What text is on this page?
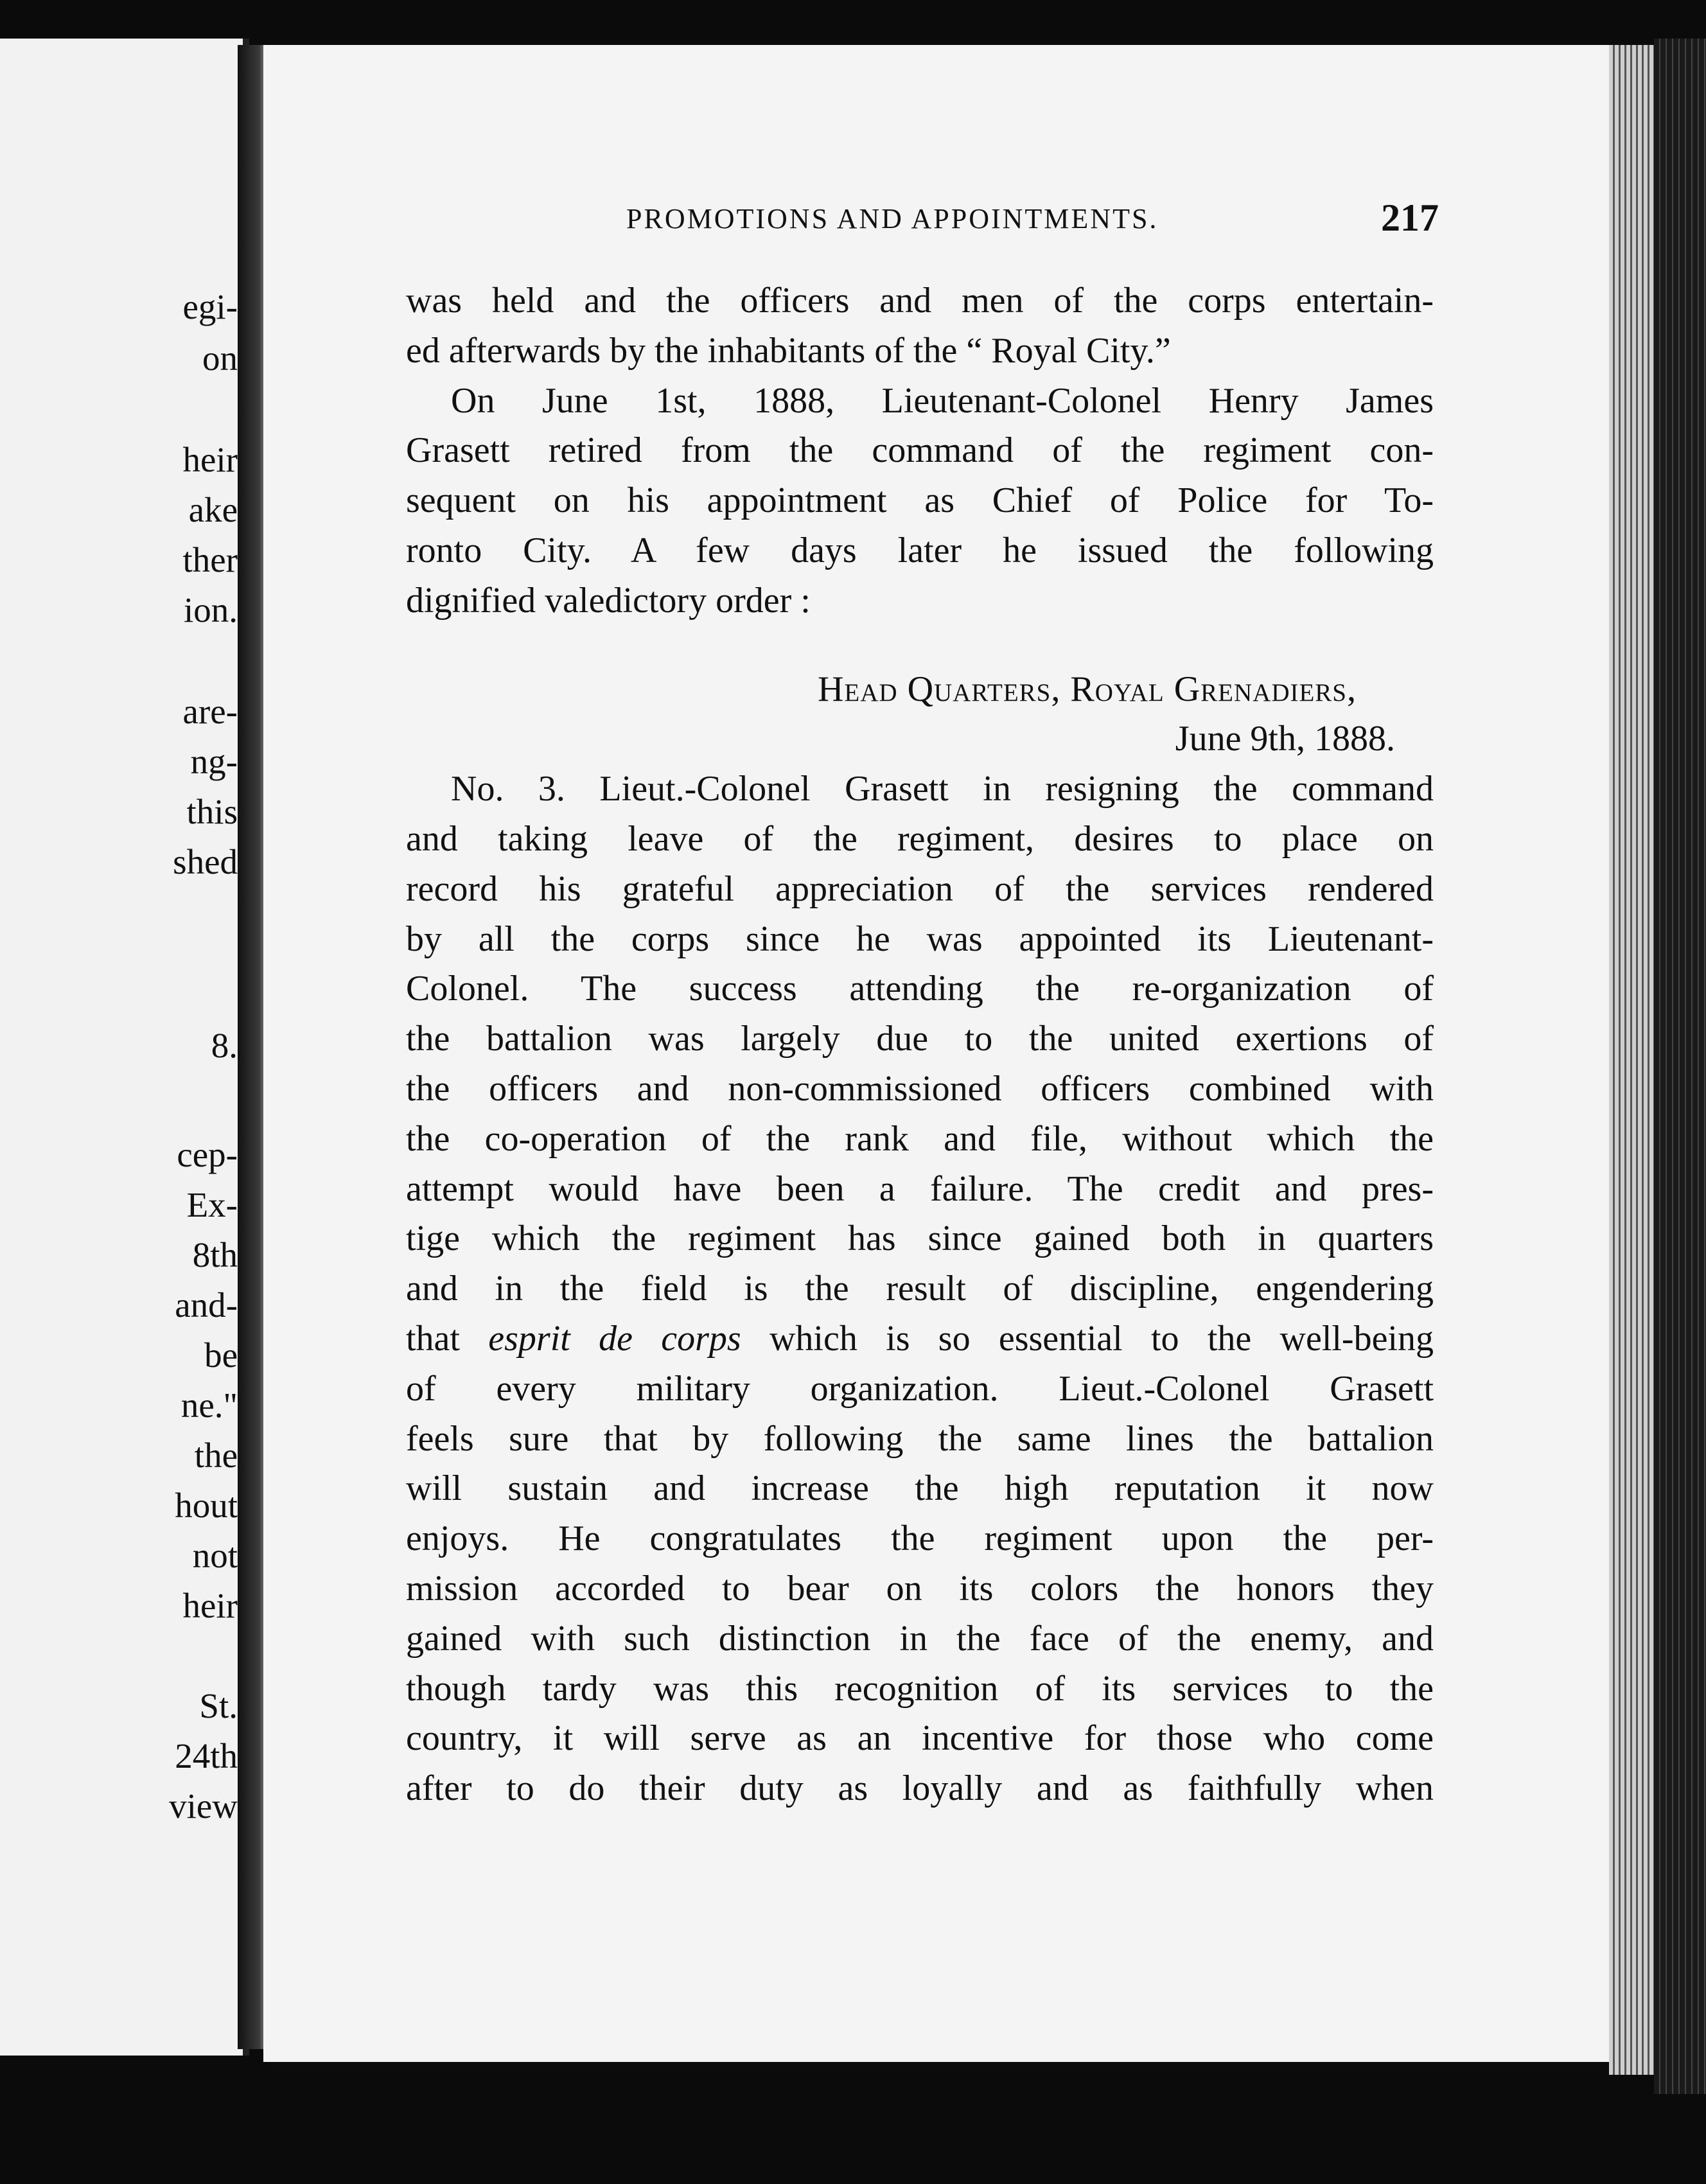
egi-
on
heir
ake
ther
ion.
are-
ng-
this
shed
8.
cep-
Ex-
8th
and-
be
ne."
the
hout
not
heir
St.
24th
view
PROMOTIONS AND APPOINTMENTS.	217
was held and the officers and men of the corps entertain-
ed afterwards by the inhabitants of the “ Royal City.”
On June 1st, 1888, Lieutenant-Colonel Henry James
Grasett retired from the command of the regiment con-
sequent on his appointment as Chief of Police for To-
ronto City. A few days later he issued the following
dignified valedictory order :
Head Quarters, Royal Grenadiers,
June 9th, 1888.
No. 3. Lieut.-Colonel Grasett in resigning the command
and taking leave of the regiment, desires to place on
record his grateful appreciation of the services rendered
by all the corps since he was appointed its Lieutenant-
Colonel. The success attending the re-organization of
the battalion was largely due to the united exertions of
the officers and non-commissioned officers combined with
the co-operation of the rank and file, without which the
attempt would have been a failure. The credit and pres-
tige which the regiment has since gained both in quarters
and in the field is the result of discipline, engendering
that esprit de corps which is so essential to the well-being
of every military organization. Lieut.-Colonel Grasett
feels sure that by following the same lines the battalion
will sustain and increase the high reputation it now
enjoys. He congratulates the regiment upon the per-
mission accorded to bear on its colors the honors they
gained with such distinction in the face of the enemy, and
though tardy was this recognition of its services to the
country, it will serve as an incentive for those who come
after to do their duty as loyally and as faithfully when
